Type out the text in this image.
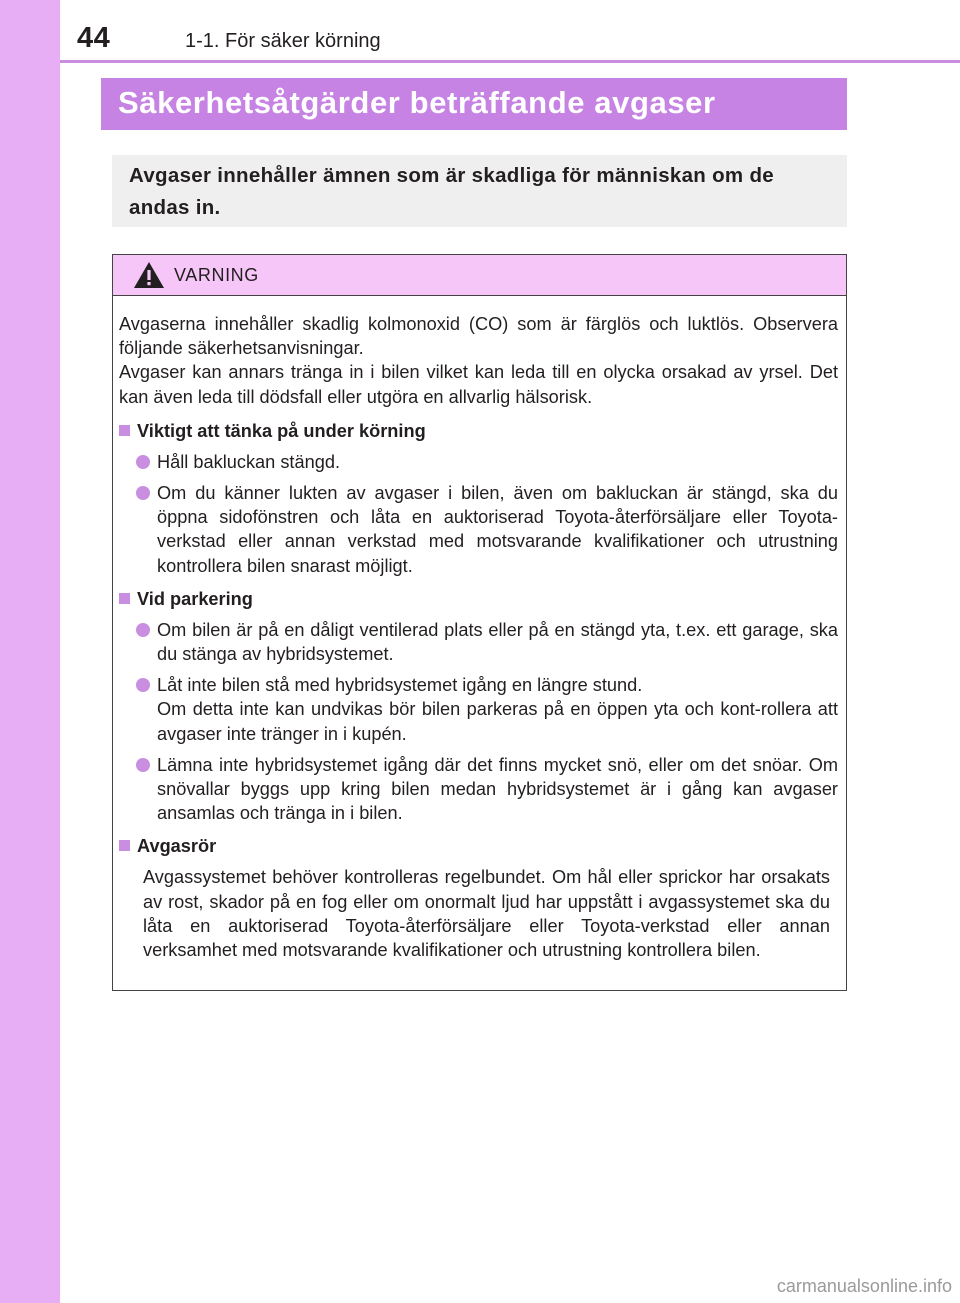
44	1-1. För säker körning
Säkerhetsåtgärder beträffande avgaser
Avgaser innehåller ämnen som är skadliga för människan om de
andas in.
VARNING

Avgaserna innehåller skadlig kolmonoxid (CO) som är färglös och luktlös. Observera följande säkerhetsanvisningar.

Avgaser kan annars tränga in i bilen vilket kan leda till en olycka orsakad av yrsel. Det kan även leda till dödsfall eller utgöra en allvarlig hälsorisk.

Viktigt att tänka på under körning
Håll bakluckan stängd.
Om du känner lukten av avgaser i bilen, även om bakluckan är stängd, ska du öppna sidofönstren och låta en auktoriserad Toyota-återförsäljare eller Toyota-verkstad eller annan verkstad med motsvarande kvalifikationer och utrustning kontrollera bilen snarast möjligt.
Vid parkering
Om bilen är på en dåligt ventilerad plats eller på en stängd yta, t.ex. ett garage, ska du stänga av hybridsystemet.
Låt inte bilen stå med hybridsystemet igång en längre stund.
Om detta inte kan undvikas bör bilen parkeras på en öppen yta och kont-rollera att avgaser inte tränger in i kupén.
Lämna inte hybridsystemet igång där det finns mycket snö, eller om det snöar. Om snövallar byggs upp kring bilen medan hybridsystemet är i gång kan avgaser ansamlas och tränga in i bilen.
Avgasrör
Avgassystemet behöver kontrolleras regelbundet. Om hål eller sprickor har orsakats av rost, skador på en fog eller om onormalt ljud har uppstått i avgassystemet ska du låta en auktoriserad Toyota-återförsäljare eller Toyota-verkstad eller annan verksamhet med motsvarande kvalifikationer och utrustning kontrollera bilen.
carmanualsonline.info
